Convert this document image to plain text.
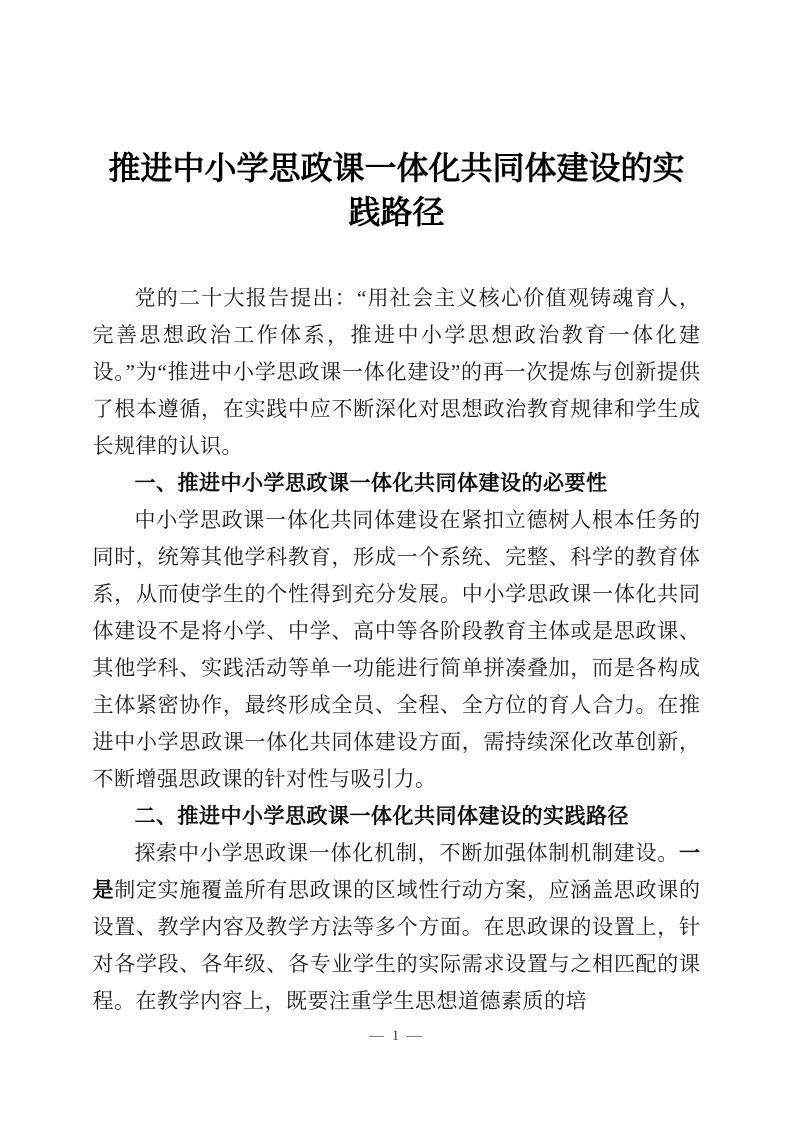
推进中小学思政课一体化共同体建设的实践路径

党的二十大报告提出：“用社会主义核心价值观铸魂育人，完善思想政治工作体系，推进中小学思想政治教育一体化建设。”为“推进中小学思政课一体化建设”的再一次提炼与创新提供了根本遵循，在实践中应不断深化对思想政治教育规律和学生成长规律的认识。

一、推进中小学思政课一体化共同体建设的必要性

中小学思政课一体化共同体建设在紧扣立德树人根本任务的同时，统筹其他学科教育，形成一个系统、完整、科学的教育体系，从而使学生的个性得到充分发展。中小学思政课一体化共同体建设不是将小学、中学、高中等各阶段教育主体或是思政课、其他学科、实践活动等单一功能进行简单拼凑叠加，而是各构成主体紧密协作，最终形成全员、全程、全方位的育人合力。在推进中小学思政课一体化共同体建设方面，需持续深化改革创新，不断增强思政课的针对性与吸引力。

二、推进中小学思政课一体化共同体建设的实践路径

探索中小学思政课一体化机制，不断加强体制机制建设。一是制定实施覆盖所有思政课的区域性行动方案，应涵盖思政课的设置、教学内容及教学方法等多个方面。在思政课的设置上，针对各学段、各年级、各专业学生的实际需求设置与之相匹配的课程。在教学内容上，既要注重学生思想道德素质的培

— 1 —
